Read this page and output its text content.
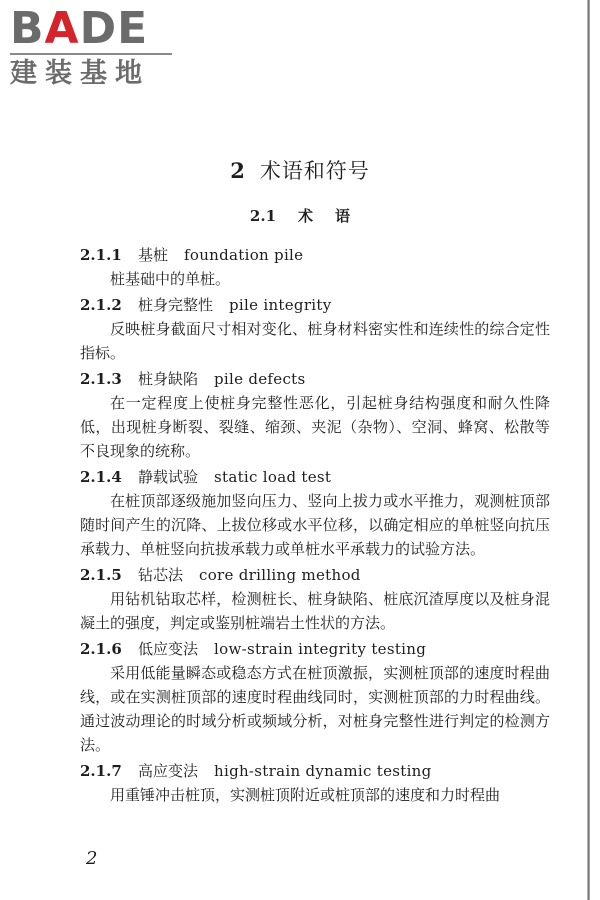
BADE
建装基地
2 术语和符号
2.1 术 语
2.1.1 基桩 foundation pile

桩基础中的单桩。

2.1.2 桩身完整性 pile integrity

反映桩身截面尺寸相对变化、桩身材料密实性和连续性的综合定性指标。

2.1.3 桩身缺陷 pile defects

在一定程度上使桩身完整性恶化，引起桩身结构强度和耐久性降低，出现桩身断裂、裂缝、缩颈、夹泥（杂物）、空洞、蜂窝、松散等不良现象的统称。

2.1.4 静载试验 static load test

在桩顶部逐级施加竖向压力、竖向上拔力或水平推力，观测桩顶部随时间产生的沉降、上拔位移或水平位移，以确定相应的单桩竖向抗压承载力、单桩竖向抗拔承载力或单桩水平承载力的试验方法。

2.1.5 钻芯法 core drilling method

用钻机钻取芯样，检测桩长、桩身缺陷、桩底沉渣厚度以及桩身混凝土的强度，判定或鉴别桩端岩土性状的方法。

2.1.6 低应变法 low-strain integrity testing

采用低能量瞬态或稳态方式在桩顶激振，实测桩顶部的速度时程曲线，或在实测桩顶部的速度时程曲线同时，实测桩顶部的力时程曲线。通过波动理论的时域分析或频域分析，对桩身完整性进行判定的检测方法。

2.1.7 高应变法 high-strain dynamic testing

用重锤冲击桩顶，实测桩顶附近或桩顶部的速度和力时程曲

2
